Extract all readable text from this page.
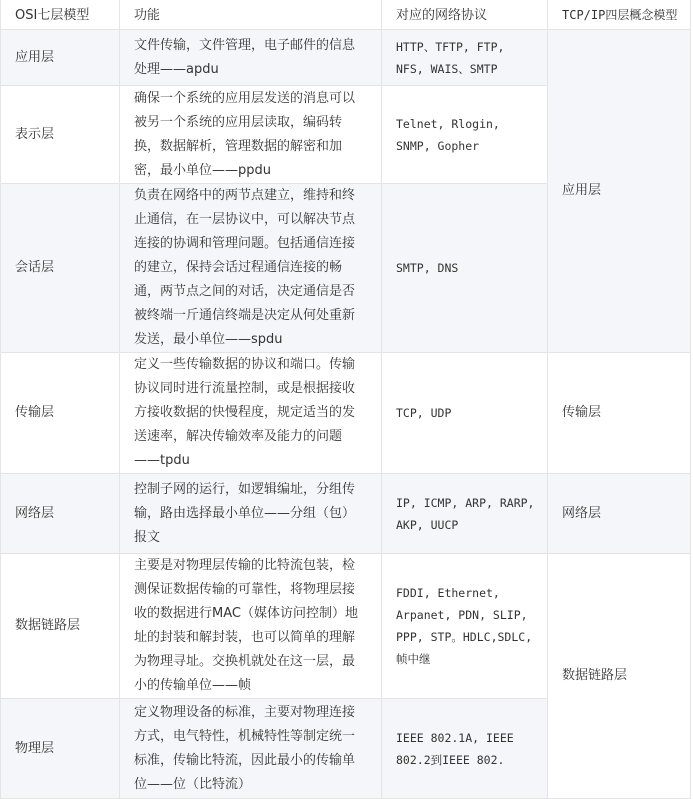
OSI七层模型	功能	对应的网络协议	TCP/IP四层概念模型
应用层	文件传输，文件管理，电子邮件的信息处理——apdu	HTTP、TFTP, FTP, NFS, WAIS、SMTP	应用层
表示层	确保一个系统的应用层发送的消息可以被另一个系统的应用层读取，编码转换，数据解析，管理数据的解密和加密，最小单位——ppdu	Telnet, Rlogin, SNMP, Gopher	
会话层	负责在网络中的两节点建立，维持和终止通信，在一层协议中，可以解决节点连接的协调和管理问题。包括通信连接的建立，保持会话过程通信连接的畅通，两节点之间的对话，决定通信是否被终端一斤通信终端是决定从何处重新发送，最小单位——spdu	SMTP, DNS	
传输层	定义一些传输数据的协议和端口。传输协议同时进行流量控制，或是根据接收方接收数据的快慢程度，规定适当的发送速率，解决传输效率及能力的问题——tpdu	TCP, UDP	传输层
网络层	控制子网的运行，如逻辑编址，分组传输，路由选择最小单位——分组（包）报文	IP, ICMP, ARP, RARP, AKP, UUCP	网络层
数据链路层	主要是对物理层传输的比特流包装，检测保证数据传输的可靠性，将物理层接收的数据进行MAC（媒体访问控制）地址的封装和解封装，也可以简单的理解为物理寻址。交换机就处在这一层，最小的传输单位——帧	FDDI, Ethernet, Arpanet, PDN, SLIP, PPP, STP。HDLC,SDLC,帧中继	数据链路层
物理层	定义物理设备的标准，主要对物理连接方式，电气特性，机械特性等制定统一标准，传输比特流，因此最小的传输单位——位（比特流）	IEEE 802.1A, IEEE 802.2到IEEE 802.	
